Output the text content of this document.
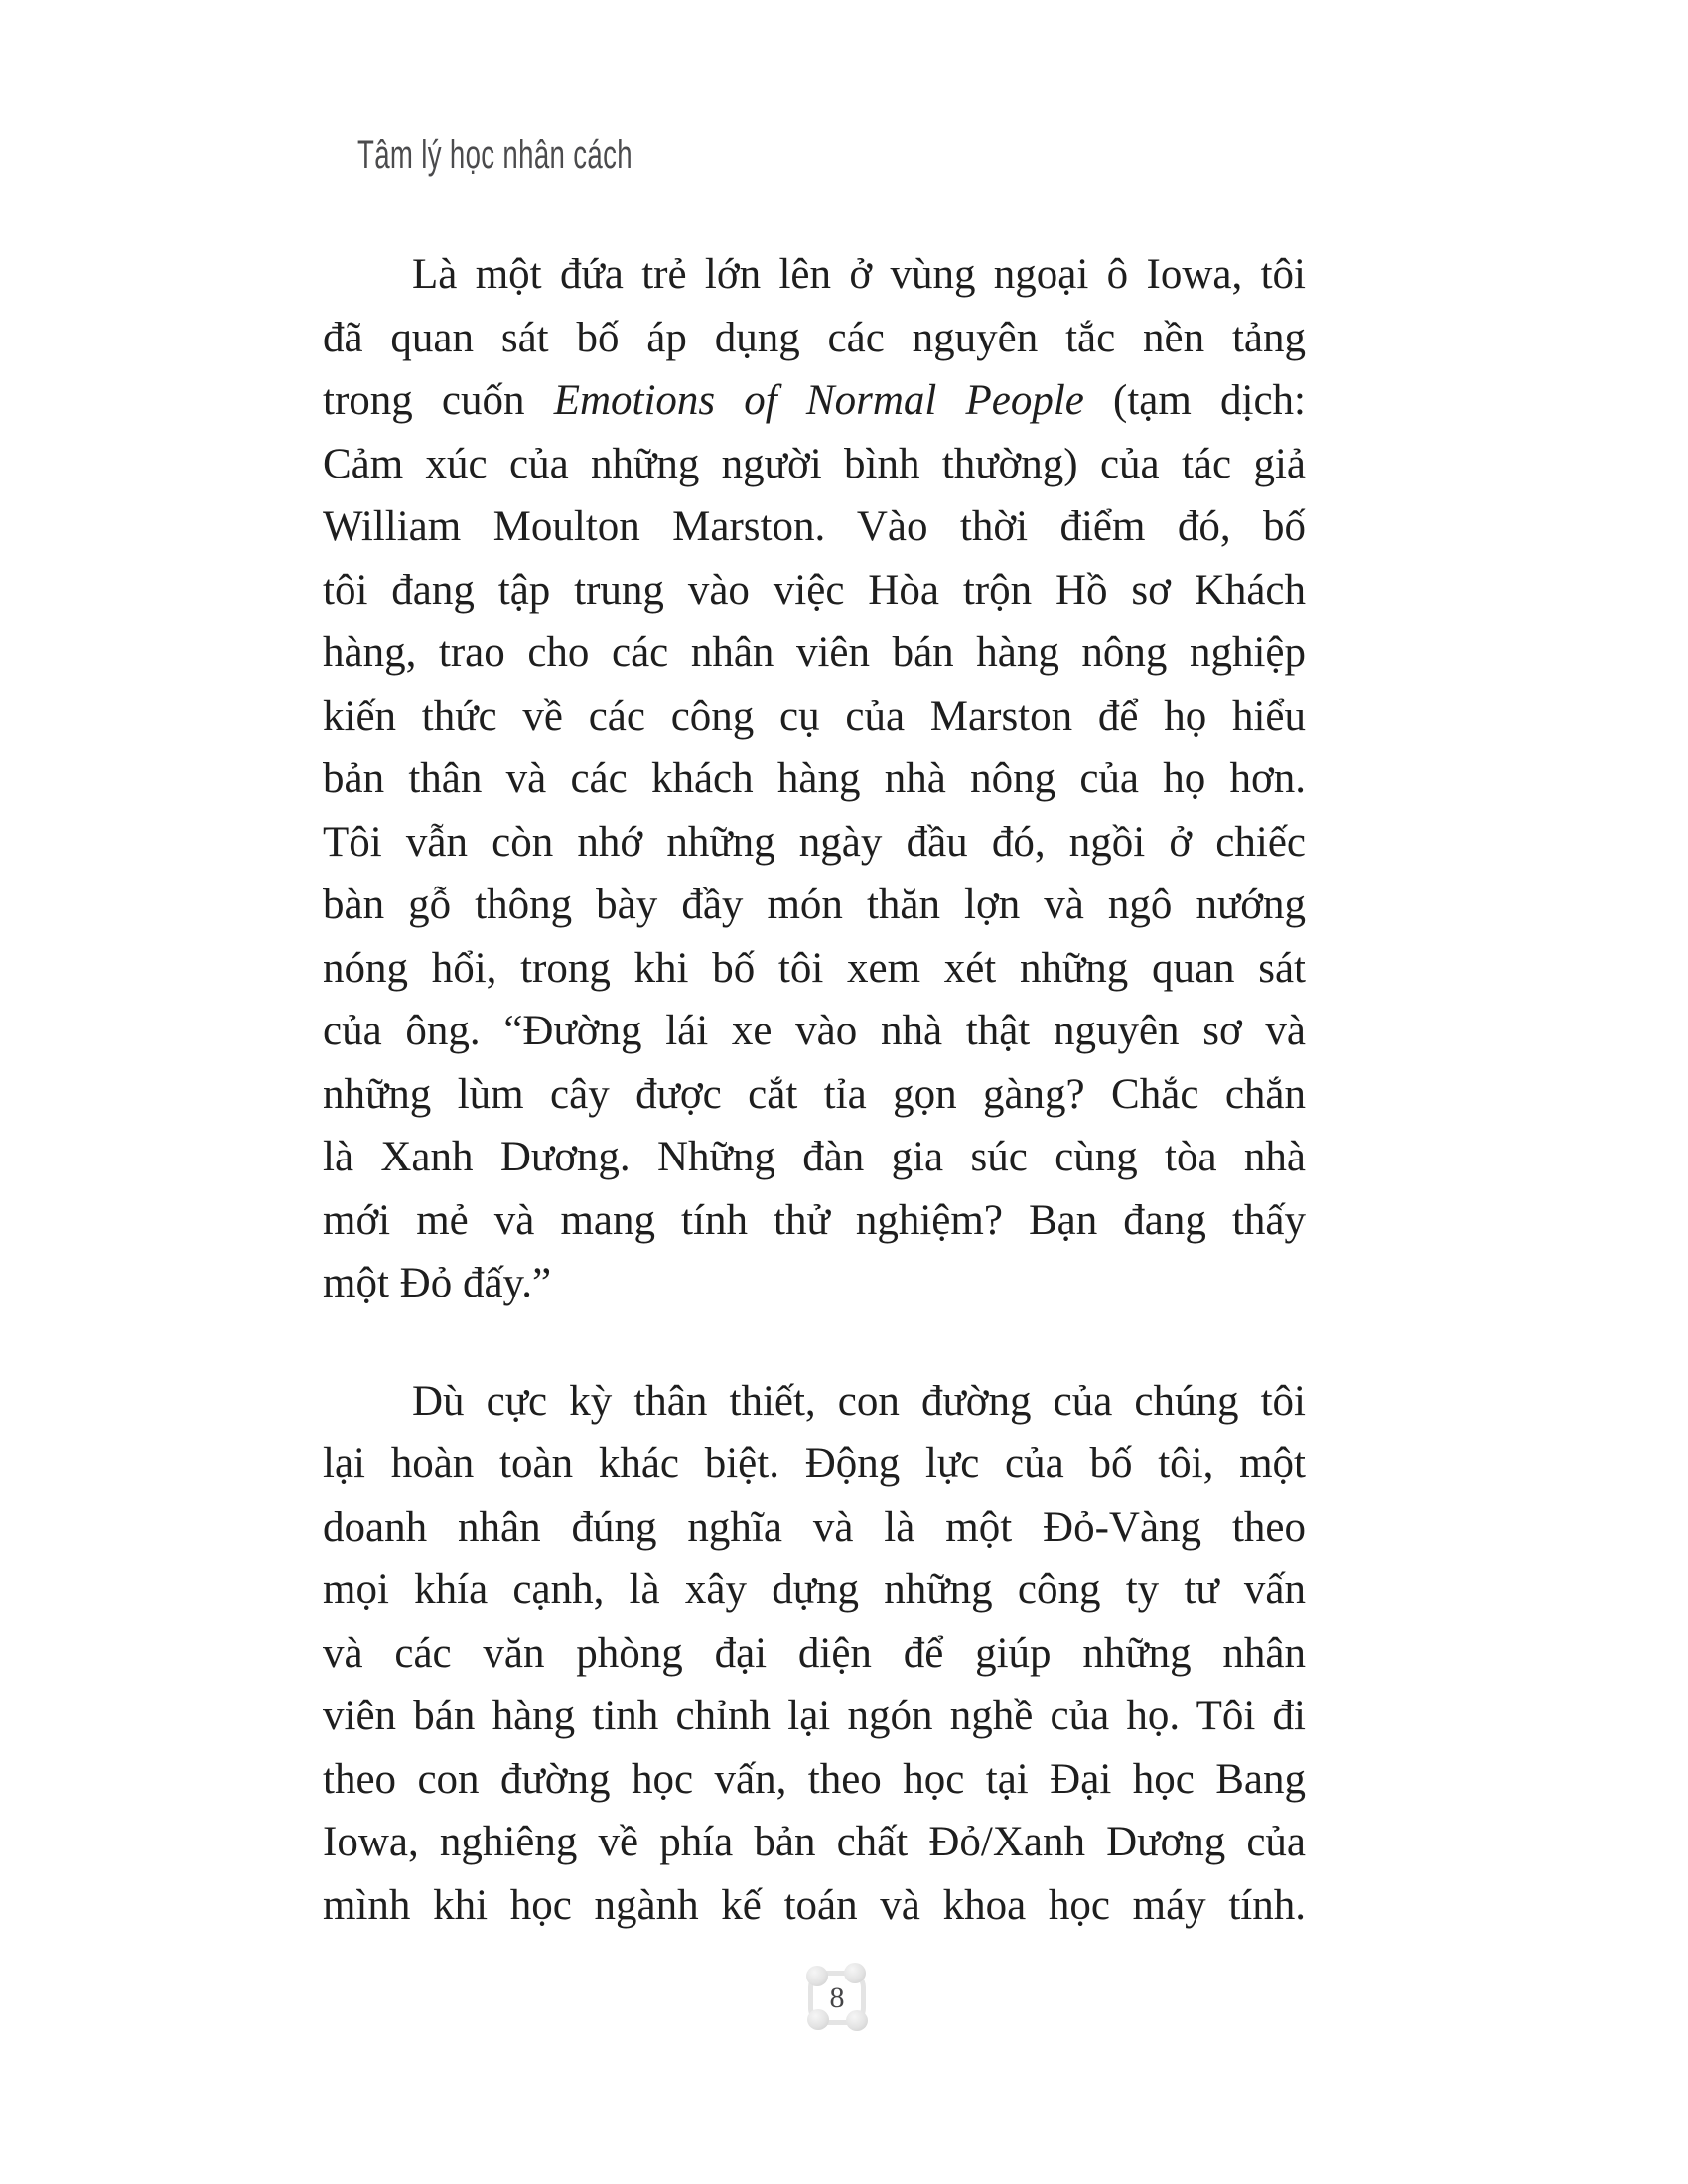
Tâm lý học nhân cách

Là một đứa trẻ lớn lên ở vùng ngoại ô Iowa, tôi
đã quan sát bố áp dụng các nguyên tắc nền tảng
trong cuốn Emotions of Normal People (tạm dịch:
Cảm xúc của những người bình thường) của tác giả
William Moulton Marston. Vào thời điểm đó, bố
tôi đang tập trung vào việc Hòa trộn Hồ sơ Khách
hàng, trao cho các nhân viên bán hàng nông nghiệp
kiến thức về các công cụ của Marston để họ hiểu
bản thân và các khách hàng nhà nông của họ hơn.
Tôi vẫn còn nhớ những ngày đầu đó, ngồi ở chiếc
bàn gỗ thông bày đầy món thăn lợn và ngô nướng
nóng hổi, trong khi bố tôi xem xét những quan sát
của ông. “Đường lái xe vào nhà thật nguyên sơ và
những lùm cây được cắt tỉa gọn gàng? Chắc chắn
là Xanh Dương. Những đàn gia súc cùng tòa nhà
mới mẻ và mang tính thử nghiệm? Bạn đang thấy
một Đỏ đấy.”

Dù cực kỳ thân thiết, con đường của chúng tôi
lại hoàn toàn khác biệt. Động lực của bố tôi, một
doanh nhân đúng nghĩa và là một Đỏ-Vàng theo
mọi khía cạnh, là xây dựng những công ty tư vấn
và các văn phòng đại diện để giúp những nhân
viên bán hàng tinh chỉnh lại ngón nghề của họ. Tôi đi
theo con đường học vấn, theo học tại Đại học Bang
Iowa, nghiêng về phía bản chất Đỏ/Xanh Dương của
mình khi học ngành kế toán và khoa học máy tính.

8
